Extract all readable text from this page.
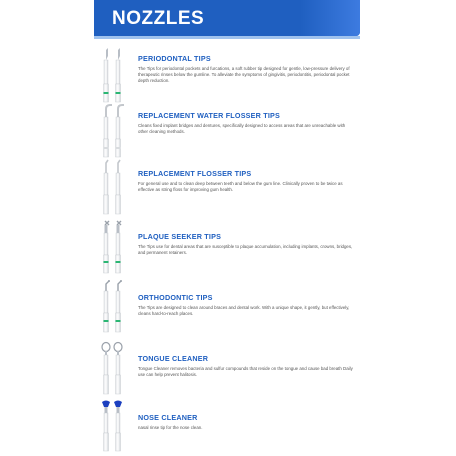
NOZZLES
PERIODONTAL TIPS
The Tips for periodontal pockets and furcations, a soft rubber tip designed for gentle, low-pressure delivery of therapeutic rinses below the gumline. To alleviate the symptoms of gingivitis, periodontitis, periodontal pocket depth reduction.
REPLACEMENT WATER FLOSSER TIPS
Cleans fixed implant bridges and dentures, specifically designed to access areas that are unreachable with other cleaning methods.
REPLACEMENT FLOSSER TIPS
For general use and to clean deep between teeth and below the gum line. Clinically proven to be twice as effective as string floss for improving gum health.
PLAQUE SEEKER TIPS
The Tips use for dental areas that are susceptible to plaque accumulation, including implants, crowns, bridges, and permanent retainers.
ORTHODONTIC TIPS
The Tips are designed to clean around braces and dental work. With a unique shape, it gently, but effectively, cleans hard-to-reach places.
TONGUE CLEANER
Tongue Cleaner removes bacteria and sulfur compounds that reside on the tongue and cause bad breath Daily use can help prevent halitosis.
NOSE CLEANER
nasal rinse tip for the nose clean.
